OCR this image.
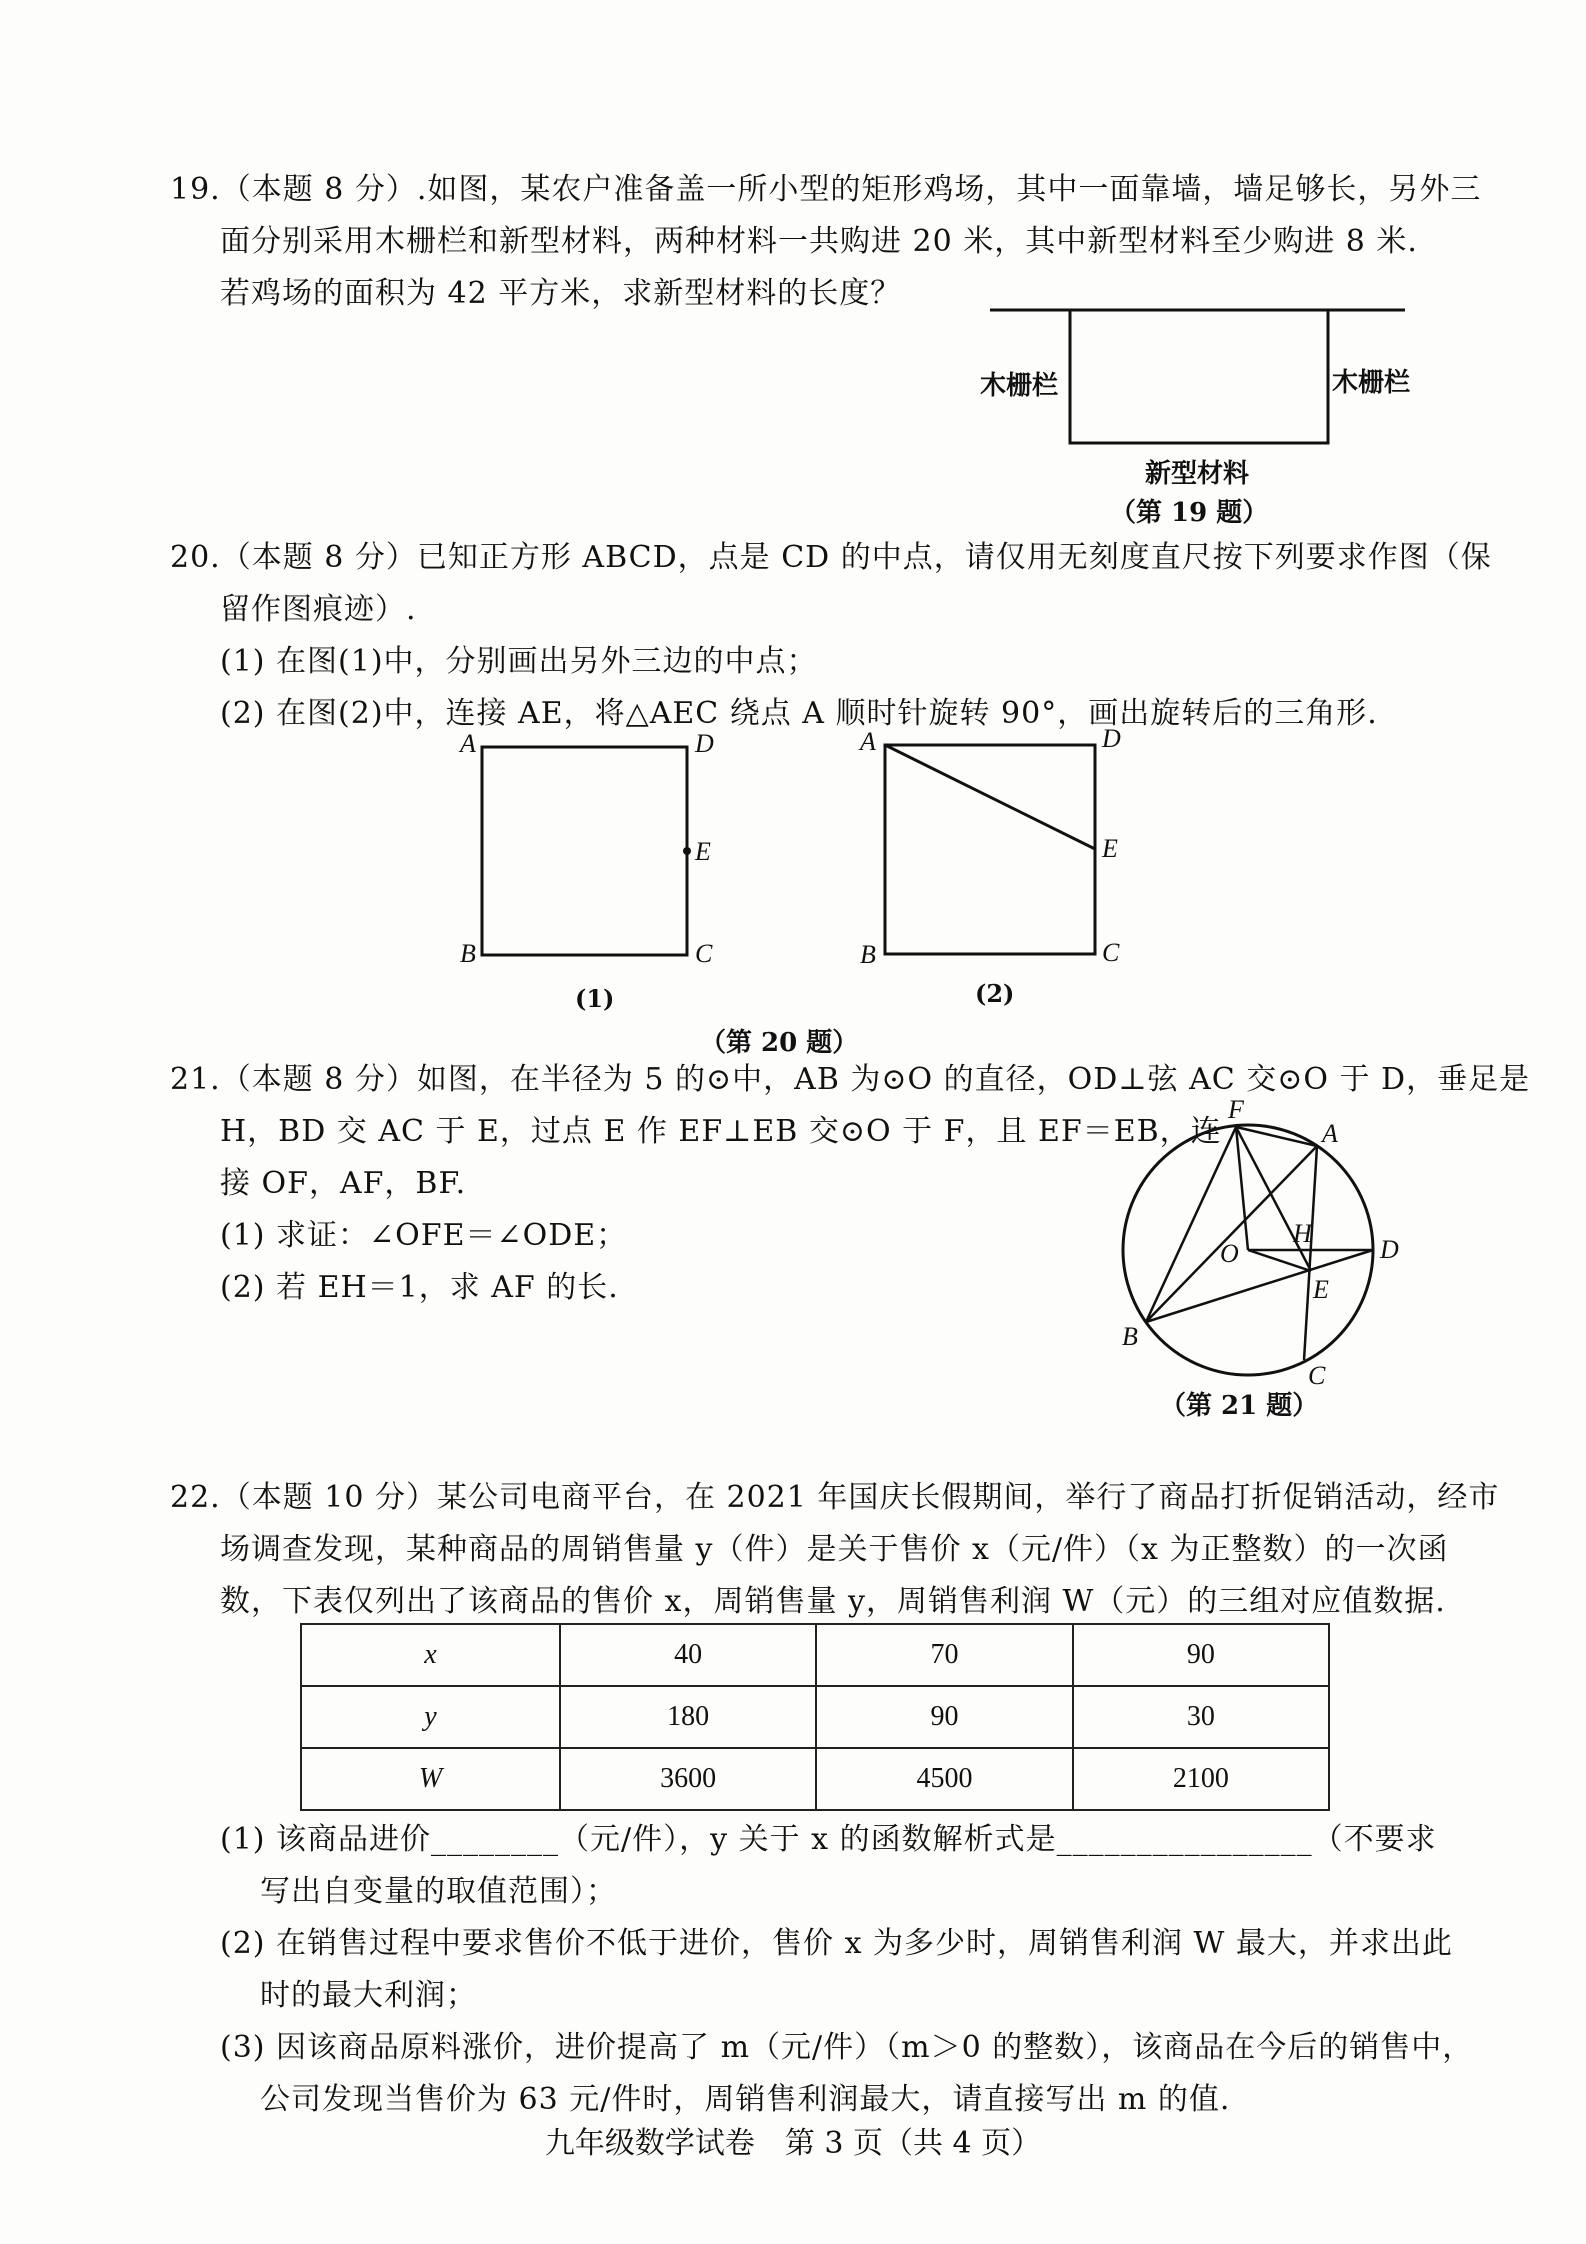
19.（本题 8 分）.如图，某农户准备盖一所小型的矩形鸡场，其中一面靠墙，墙足够长，另外三
面分别采用木栅栏和新型材料，两种材料一共购进 20 米，其中新型材料至少购进 8 米.
若鸡场的面积为 42 平方米，求新型材料的长度？
木栅栏	木栅栏
新型材料
（第 19 题）
20.（本题 8 分）已知正方形 ABCD，点是 CD 的中点，请仅用无刻度直尺按下列要求作图（保
留作图痕迹）.
(1) 在图(1)中，分别画出另外三边的中点；
(2) 在图(2)中，连接 AE，将△AEC 绕点 A 顺时针旋转 90°，画出旋转后的三角形.
A	D
E
B	C
(1)
A	D
E
B	C
(2)
（第 20 题）
21.（本题 8 分）如图，在半径为 5 的⊙中，AB 为⊙O 的直径，OD⊥弦 AC 交⊙O 于 D，垂足是
H，BD 交 AC 于 E，过点 E 作 EF⊥EB 交⊙O 于 F，且 EF＝EB，连
接 OF，AF，BF.
(1) 求证：∠OFE＝∠ODE；
(2) 若 EH＝1，求 AF 的长.
F
A
O
H
D
E
B
C
（第 21 题）
22.（本题 10 分）某公司电商平台，在 2021 年国庆长假期间，举行了商品打折促销活动，经市
场调查发现，某种商品的周销售量 y（件）是关于售价 x（元/件）（x 为正整数）的一次函
数，下表仅列出了该商品的售价 x，周销售量 y，周销售利润 W（元）的三组对应值数据.
x	40	70	90
y	180	90	30
W	3600	4500	2100
(1) 该商品进价________（元/件），y 关于 x 的函数解析式是________________（不要求
写出自变量的取值范围）；
(2) 在销售过程中要求售价不低于进价，售价 x 为多少时，周销售利润 W 最大，并求出此
时的最大利润；
(3) 因该商品原料涨价，进价提高了 m（元/件）（m＞0 的整数），该商品在今后的销售中，
公司发现当售价为 63 元/件时，周销售利润最大，请直接写出 m 的值.
九年级数学试卷　第 3 页（共 4 页）
